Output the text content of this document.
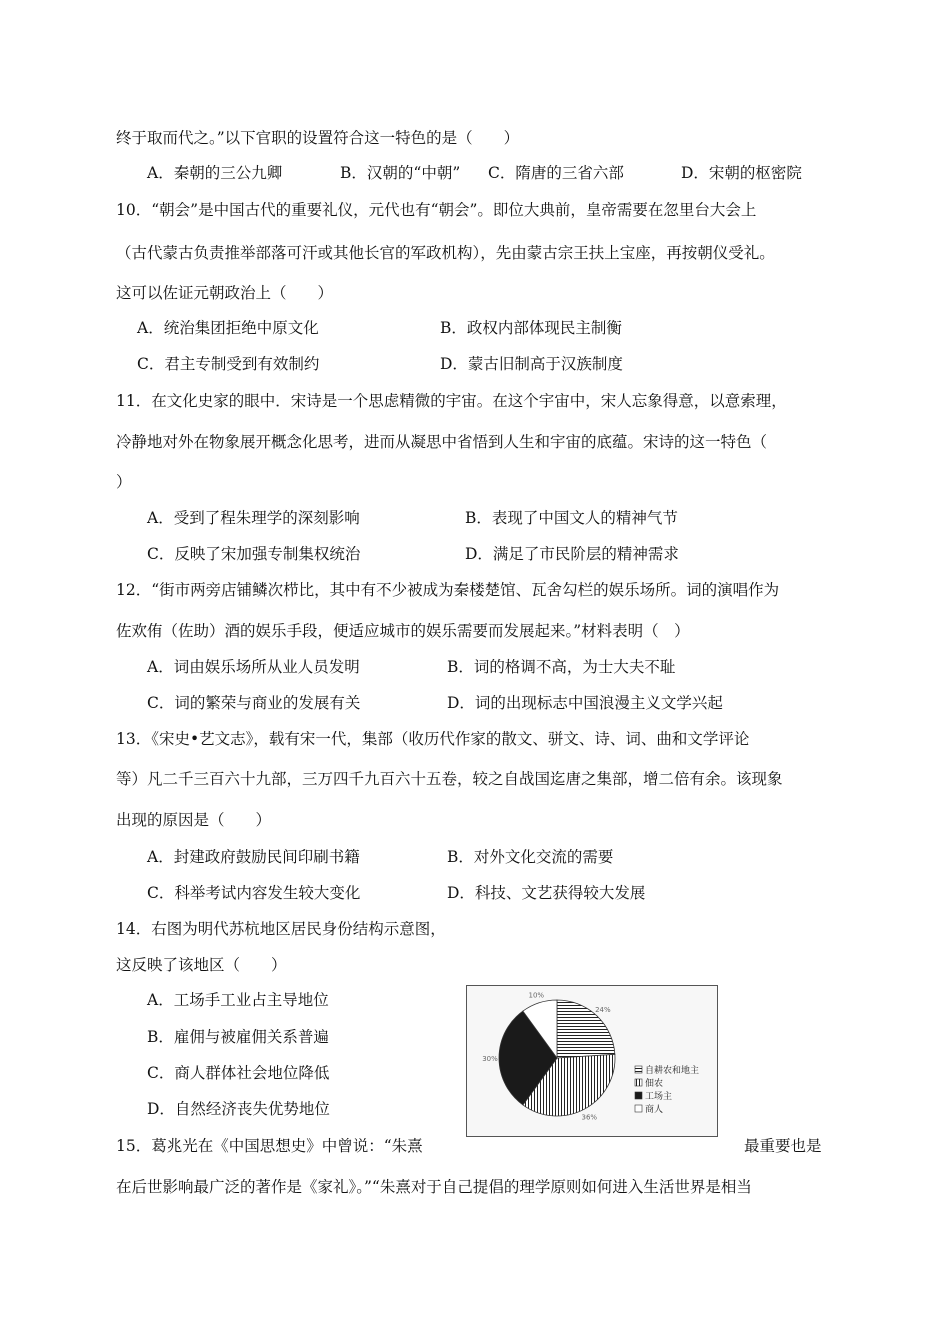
终于取而代之。”以下官职的设置符合这一特色的是（　　）
A．秦朝的三公九卿	B．汉朝的“中朝” C．隋唐的三省六部	D．宋朝的枢密院
10．“朝会”是中国古代的重要礼仪，元代也有“朝会”。即位大典前，皇帝需要在忽里台大会上
（古代蒙古负责推举部落可汗或其他长官的军政机构），先由蒙古宗王扶上宝座，再按朝仪受礼。
这可以佐证元朝政治上（　　）
A．统治集团拒绝中原文化	B．政权内部体现民主制衡
C．君主专制受到有效制约	D．蒙古旧制高于汉族制度
11．在文化史家的眼中．宋诗是一个思虑精微的宇宙。在这个宇宙中，宋人忘象得意，以意索理，
冷静地对外在物象展开概念化思考，进而从凝思中省悟到人生和宇宙的底蕴。宋诗的这一特色（
）
A．受到了程朱理学的深刻影响	B．表现了中国文人的精神气节
C．反映了宋加强专制集权统治	D．满足了市民阶层的精神需求
12．“街市两旁店铺鳞次栉比，其中有不少被成为秦楼楚馆、瓦舍勾栏的娱乐场所。词的演唱作为
佐欢侑（佐助）酒的娱乐手段，便适应城市的娱乐需要而发展起来。”材料表明（　）
A．词由娱乐场所从业人员发明	B．词的格调不高，为士大夫不耻
C．词的繁荣与商业的发展有关	D．词的出现标志中国浪漫主义文学兴起
13．《宋史•艺文志》，载有宋一代，集部（收历代作家的散文、骈文、诗、词、曲和文学评论
等）凡二千三百六十九部，三万四千九百六十五卷，较之自战国迄唐之集部，增二倍有余。该现象
出现的原因是（　　）
A．封建政府鼓励民间印刷书籍	B．对外文化交流的需要
C．科举考试内容发生较大变化	D．科技、文艺获得较大发展
14．右图为明代苏杭地区居民身份结构示意图，
这反映了该地区（　　）
A．工场手工业占主导地位
B．雇佣与被雇佣关系普遍
C．商人群体社会地位降低
D．自然经济丧失优势地位
24%
36%
30%
10%
自耕农和地主
佃农
工场主
商人
15．葛兆光在《中国思想史》中曾说：“朱熹	最重要也是
在后世影响最广泛的著作是《家礼》。”“朱熹对于自己提倡的理学原则如何进入生活世界是相当
